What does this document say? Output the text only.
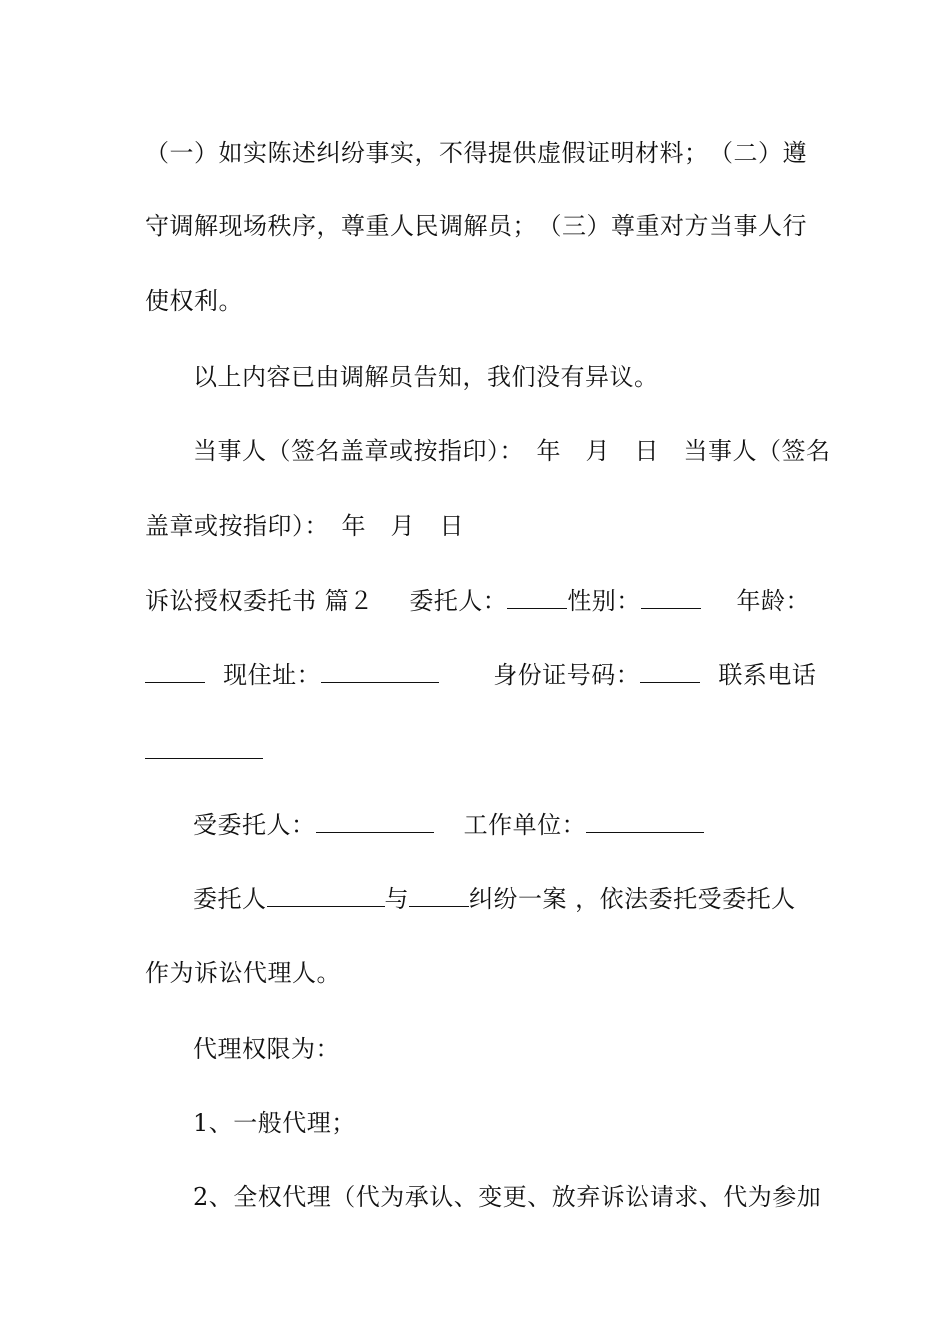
（一）如实陈述纠纷事实，不得提供虚假证明材料；　（二）遵
守调解现场秩序，尊重人民调解员；　（三）尊重对方当事人行
使权利。
以上内容已由调解员告知，我们没有异议。
当事人（签名盖章或按指印）：　年　月　日　当事人（签名
盖章或按指印）：　年　月　日
诉讼授权委托书 篇２ 委托人：	性别：	年龄：
现住址：	身份证号码：	联系电话
受委托人：	工作单位：
委托人	与	纠纷一案 ，依法委托受委托人
作为诉讼代理人。
代理权限为：
1、一般代理；
2、全权代理（代为承认、变更、放弃诉讼请求、代为参加
